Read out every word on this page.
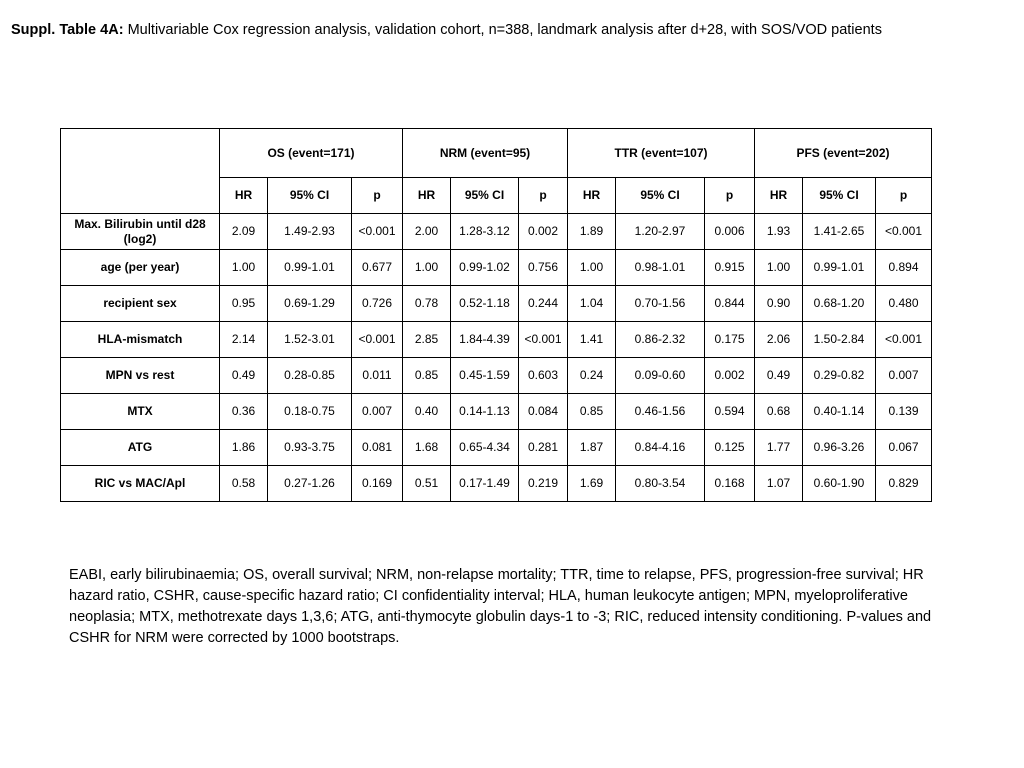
Suppl. Table 4A: Multivariable Cox regression analysis, validation cohort, n=388, landmark analysis after d+28, with SOS/VOD patients
	OS (event=171)			NRM (event=95)			TTR (event=107)			PFS (event=202)		
	HR	95% CI	p	HR	95% CI	p	HR	95% CI	p	HR	95% CI	p
Max. Bilirubin until d28 (log2)	2.09	1.49-2.93	<0.001	2.00	1.28-3.12	0.002	1.89	1.20-2.97	0.006	1.93	1.41-2.65	<0.001
age (per year)	1.00	0.99-1.01	0.677	1.00	0.99-1.02	0.756	1.00	0.98-1.01	0.915	1.00	0.99-1.01	0.894
recipient sex	0.95	0.69-1.29	0.726	0.78	0.52-1.18	0.244	1.04	0.70-1.56	0.844	0.90	0.68-1.20	0.480
HLA-mismatch	2.14	1.52-3.01	<0.001	2.85	1.84-4.39	<0.001	1.41	0.86-2.32	0.175	2.06	1.50-2.84	<0.001
MPN vs rest	0.49	0.28-0.85	0.011	0.85	0.45-1.59	0.603	0.24	0.09-0.60	0.002	0.49	0.29-0.82	0.007
MTX	0.36	0.18-0.75	0.007	0.40	0.14-1.13	0.084	0.85	0.46-1.56	0.594	0.68	0.40-1.14	0.139
ATG	1.86	0.93-3.75	0.081	1.68	0.65-4.34	0.281	1.87	0.84-4.16	0.125	1.77	0.96-3.26	0.067
RIC vs MAC/Apl	0.58	0.27-1.26	0.169	0.51	0.17-1.49	0.219	1.69	0.80-3.54	0.168	1.07	0.60-1.90	0.829
EABI, early bilirubinaemia; OS, overall survival; NRM, non-relapse mortality; TTR, time to relapse, PFS, progression-free survival; HR hazard ratio, CSHR, cause-specific hazard ratio; CI confidentiality interval; HLA, human leukocyte antigen; MPN, myeloproliferative neoplasia; MTX, methotrexate days 1,3,6; ATG, anti-thymocyte globulin days-1 to -3; RIC, reduced intensity conditioning. P-values and CSHR for NRM were corrected by 1000 bootstraps.
